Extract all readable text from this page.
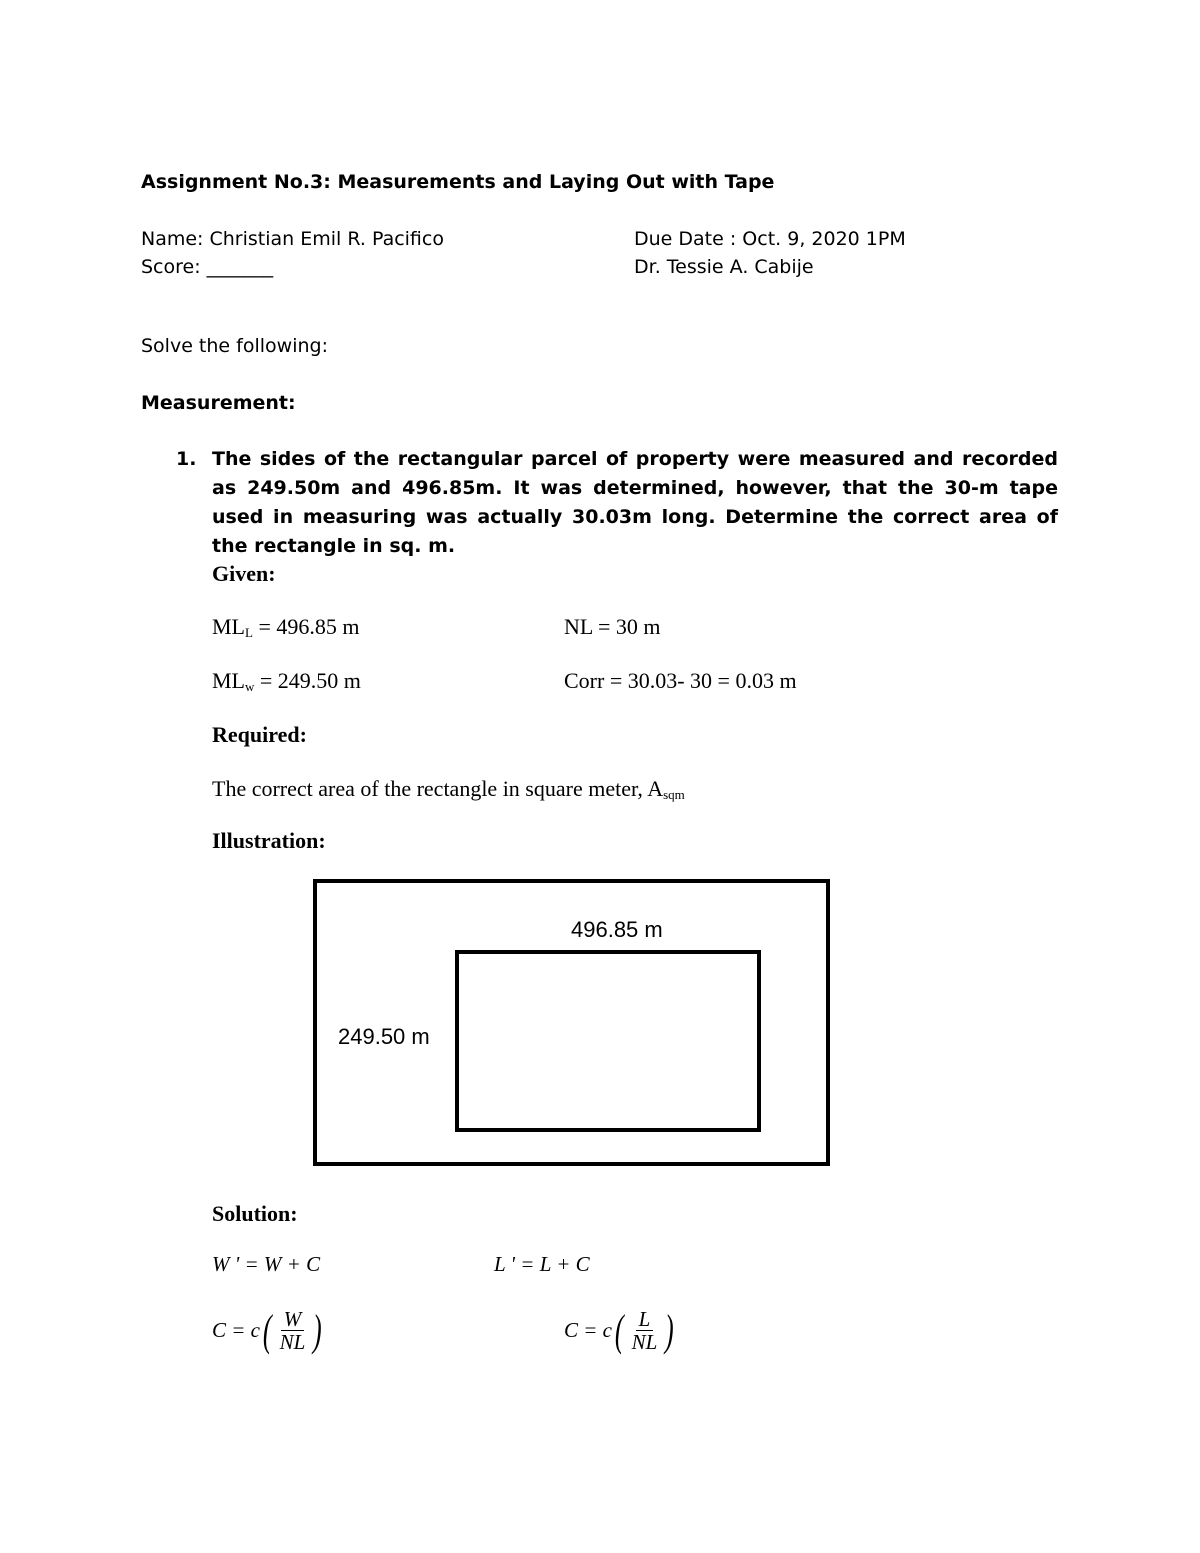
Assignment No.3: Measurements and Laying Out with Tape
Name: Christian Emil R. Pacifico	Due Date : Oct. 9, 2020 1PM
Score: _______	Dr. Tessie A. Cabije
Solve the following:
Measurement:
1. The sides of the rectangular parcel of property were measured and recorded as 249.50m and 496.85m. It was determined, however, that the 30-m tape used in measuring was actually 30.03m long. Determine the correct area of the rectangle in sq. m.
Given:
$ML_L = 496.85$ m	NL = 30 m
$ML_w = 249.50$ m	Corr = 30.03- 30 = 0.03 m
Required:
The correct area of the rectangle in square meter, $A_{sqm}$
Illustration:
496.85 m
249.50 m
Solution:
W ' = W + C	L ' = L + C
C = c ( $\frac{W}{NL}$ )	C = c ( $\frac{L}{NL}$ )
